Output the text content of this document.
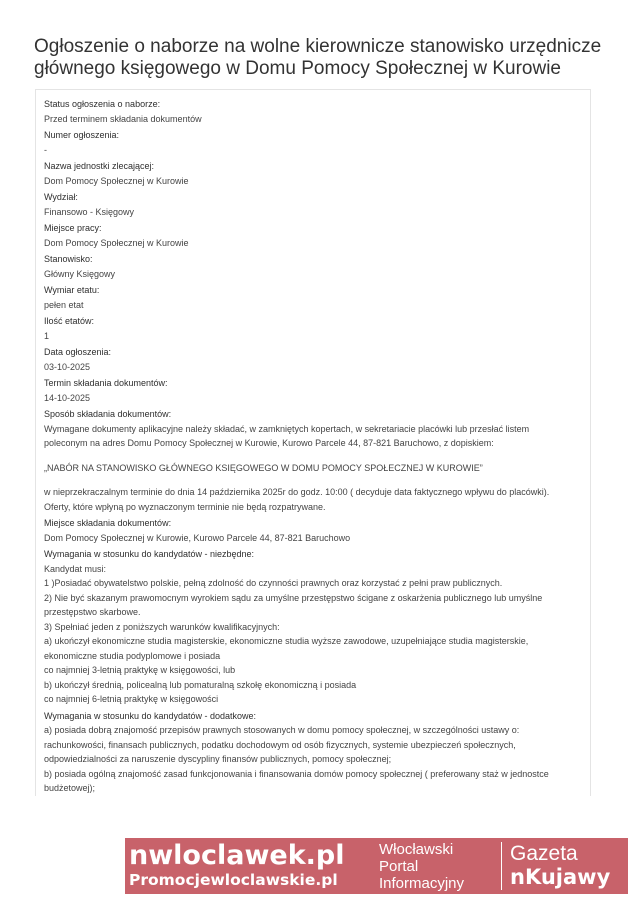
Ogłoszenie o naborze na wolne kierownicze stanowisko urzędnicze głównego księgowego w Domu Pomocy Społecznej w Kurowie
Status ogłoszenia o naborze:
Przed terminem składania dokumentów
Numer ogłoszenia:
-
Nazwa jednostki zlecającej:
Dom Pomocy Społecznej w Kurowie
Wydział:
Finansowo - Księgowy
Miejsce pracy:
Dom Pomocy Społecznej w Kurowie
Stanowisko:
Główny Księgowy
Wymiar etatu:
pełen etat
Ilość etatów:
1
Data ogłoszenia:
03-10-2025
Termin składania dokumentów:
14-10-2025
Sposób składania dokumentów:
Wymagane dokumenty aplikacyjne należy składać, w zamkniętych kopertach, w sekretariacie placówki lub przesłać listem
poleconym na adres Domu Pomocy Społecznej w Kurowie, Kurowo Parcele 44, 87-821 Baruchowo, z dopiskiem:
„NABÓR NA STANOWISKO GŁÓWNEGO KSIĘGOWEGO W DOMU POMOCY SPOŁECZNEJ W KUROWIE”
w nieprzekraczalnym terminie do dnia 14 października 2025r do godz. 10:00 ( decyduje data faktycznego wpływu do placówki).
Oferty, które wpłyną po wyznaczonym terminie nie będą rozpatrywane.
Miejsce składania dokumentów:
Dom Pomocy Społecznej w Kurowie, Kurowo Parcele 44, 87-821 Baruchowo
Wymagania w stosunku do kandydatów - niezbędne:
Kandydat musi:
1 )Posiadać obywatelstwo polskie, pełną zdolność do czynności prawnych oraz korzystać z pełni praw publicznych.
2) Nie być skazanym prawomocnym wyrokiem sądu za umyślne przestępstwo ścigane z oskarżenia publicznego lub umyślne
przestępstwo skarbowe.
3) Spełniać jeden z poniższych warunków kwalifikacyjnych:
a) ukończył ekonomiczne studia magisterskie, ekonomiczne studia wyższe zawodowe, uzupełniające studia magisterskie,
ekonomiczne studia podyplomowe i posiada
co najmniej 3-letnią praktykę w księgowości, lub
b) ukończył średnią, policealną lub pomaturalną szkołę ekonomiczną i posiada
co najmniej 6-letnią praktykę w księgowości
Wymagania w stosunku do kandydatów - dodatkowe:
a) posiada dobrą znajomość przepisów prawnych stosowanych w domu pomocy społecznej, w szczególności ustawy o:
rachunkowości, finansach publicznych, podatku dochodowym od osób fizycznych, systemie ubezpieczeń społecznych,
odpowiedzialności za naruszenie dyscypliny finansów publicznych, pomocy społecznej;
b) posiada ogólną znajomość zasad funkcjonowania i finansowania domów pomocy społecznej ( preferowany staż w jednostce
budżetowej);
nwloclawek.pl
Promocjewloclawskie.pl
Włocławski
Portal
Informacyjny
Gazeta
nKujawy
